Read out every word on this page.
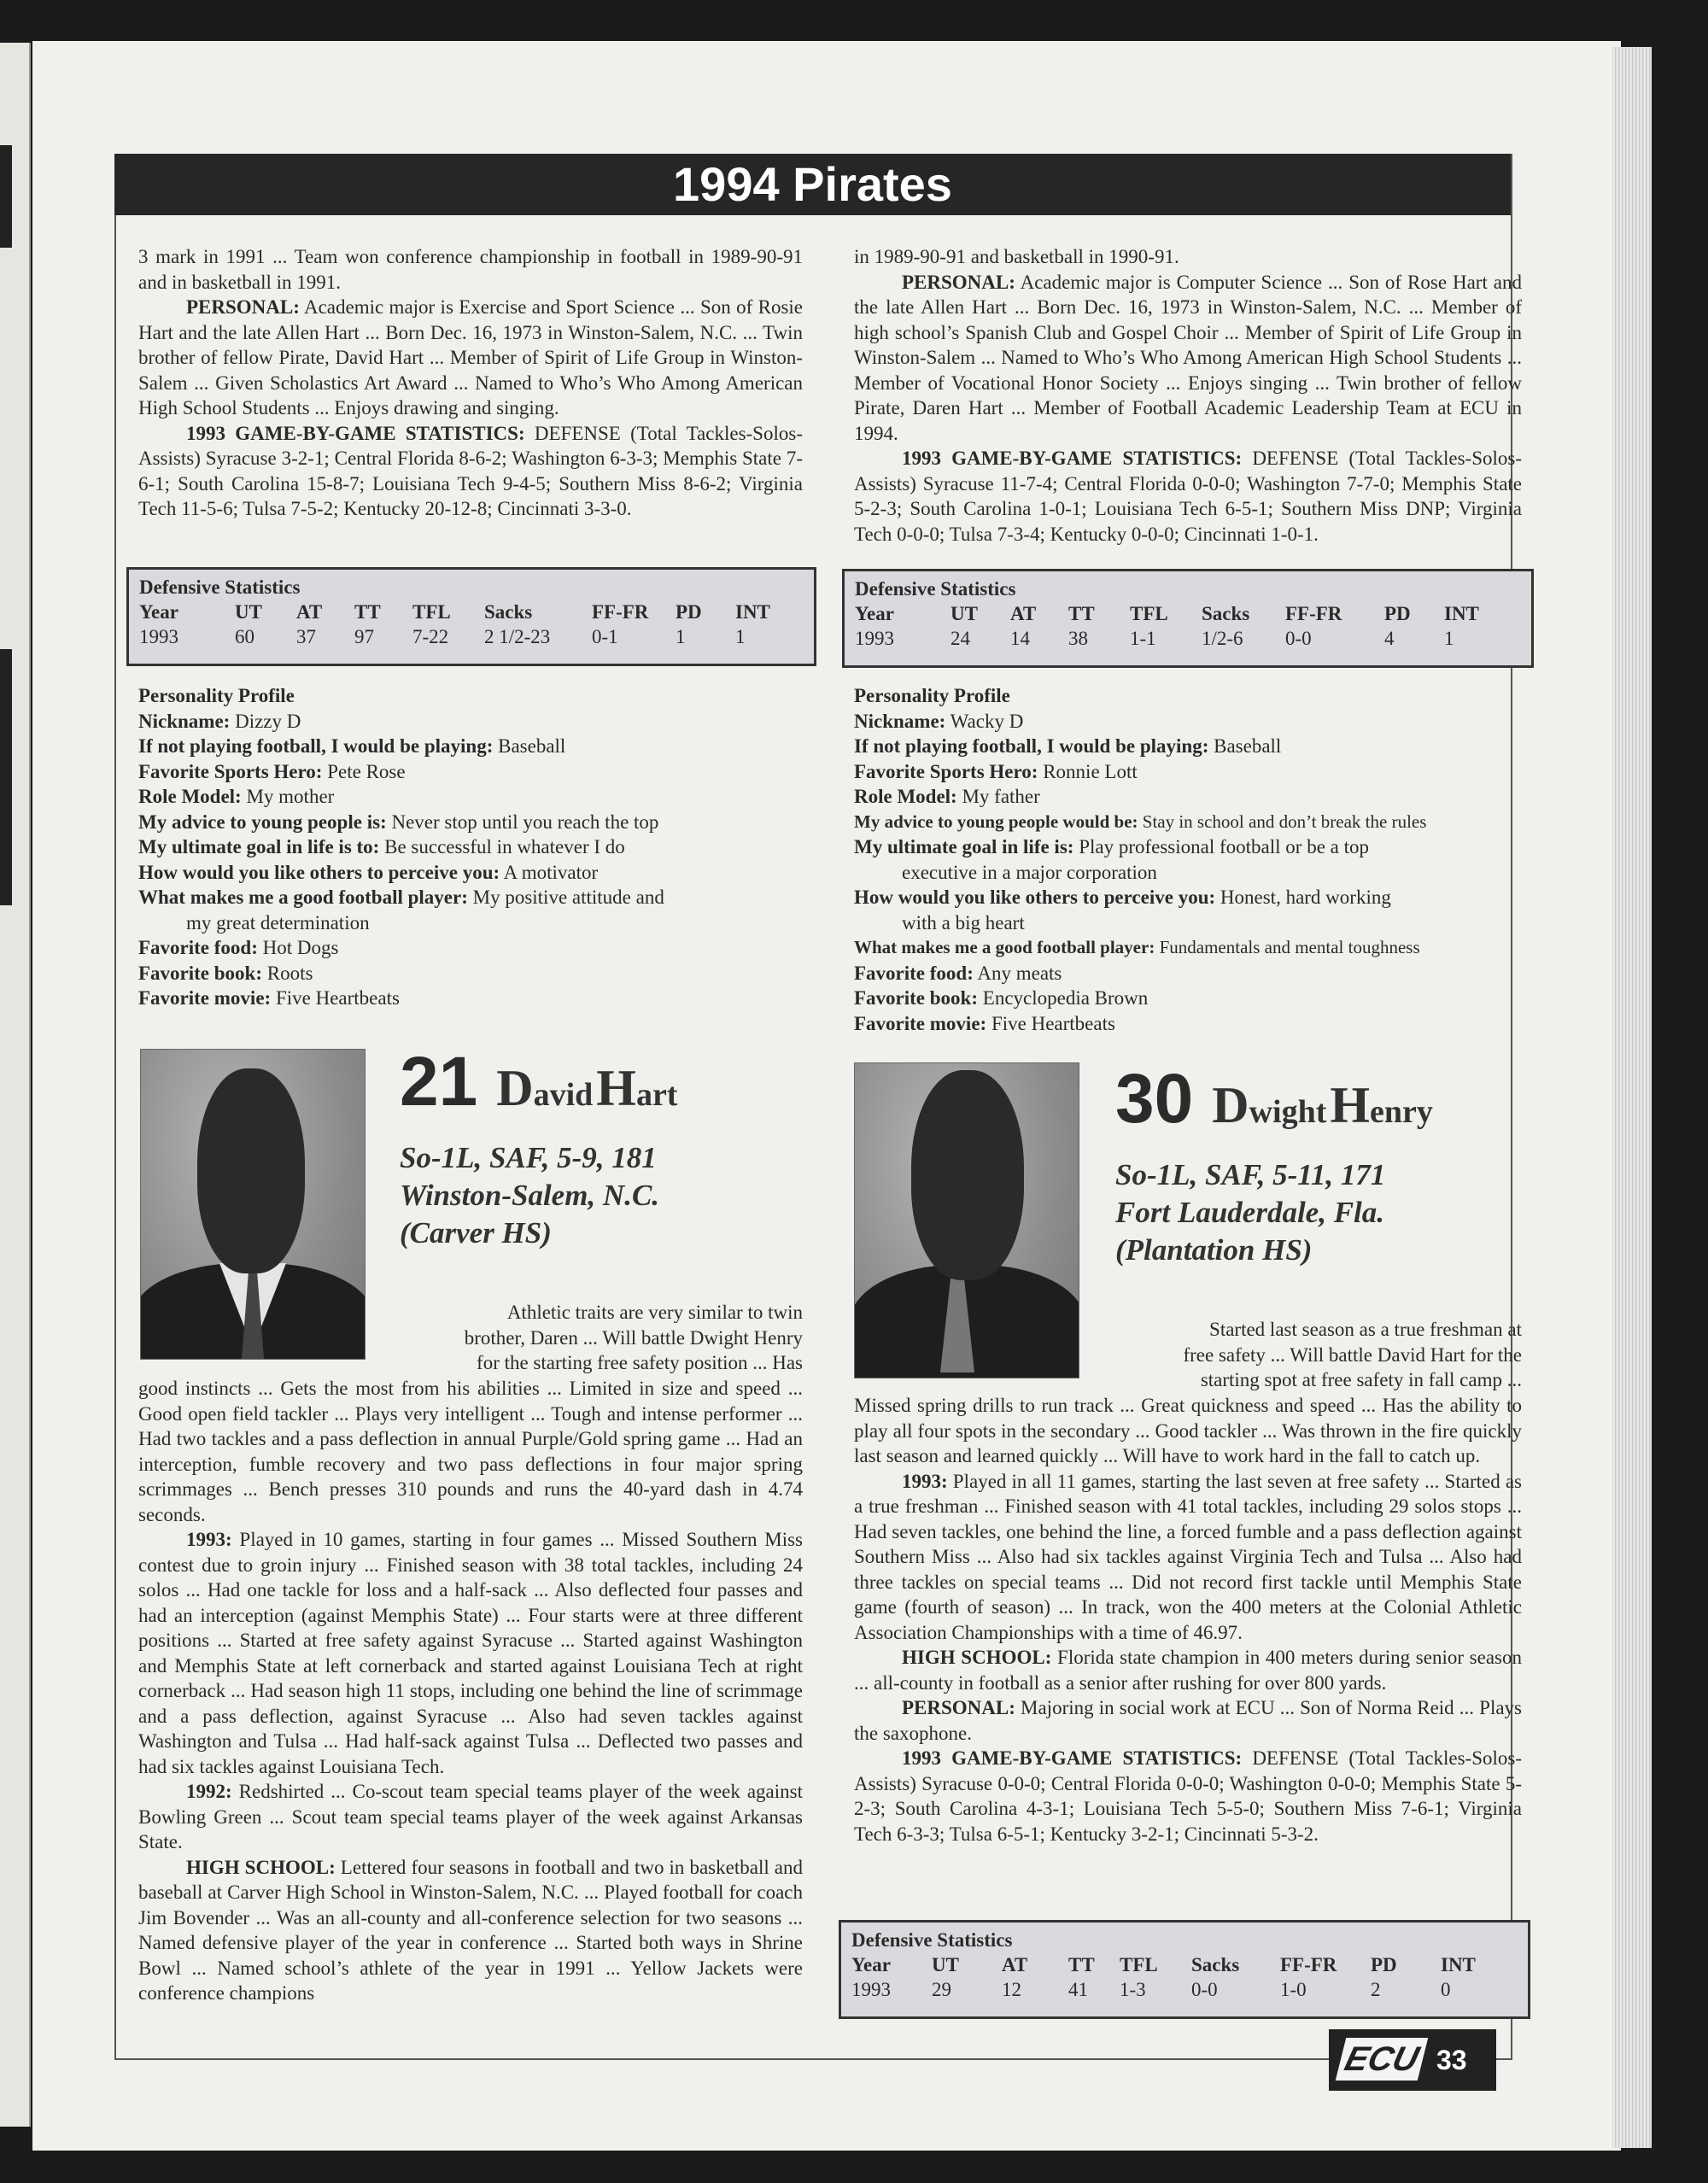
1994 Pirates

3 mark in 1991 ... Team won conference championship in football in 1989-90-91 and in basketball in 1991.

PERSONAL: Academic major is Exercise and Sport Science ... Son of Rosie Hart and the late Allen Hart ... Born Dec. 16, 1973 in Winston-Salem, N.C. ... Twin brother of fellow Pirate, David Hart ... Member of Spirit of Life Group in Winston-Salem ... Given Scholastics Art Award ... Named to Who’s Who Among American High School Students ... Enjoys drawing and singing.

1993 GAME-BY-GAME STATISTICS: DEFENSE (Total Tackles-Solos-Assists) Syracuse 3-2-1; Central Florida 8-6-2; Washington 6-3-3; Memphis State 7-6-1; South Carolina 15-8-7; Louisiana Tech 9-4-5; Southern Miss 8-6-2; Virginia Tech 11-5-6; Tulsa 7-5-2; Kentucky 20-12-8; Cincinnati 3-3-0.

in 1989-90-91 and basketball in 1990-91.

PERSONAL: Academic major is Computer Science ... Son of Rose Hart and the late Allen Hart ... Born Dec. 16, 1973 in Winston-Salem, N.C. ... Member of high school’s Spanish Club and Gospel Choir ... Member of Spirit of Life Group in Winston-Salem ... Named to Who’s Who Among American High School Students ... Member of Vocational Honor Society ... Enjoys singing ... Twin brother of fellow Pirate, Daren Hart ... Member of Football Academic Leadership Team at ECU in 1994.

1993 GAME-BY-GAME STATISTICS: DEFENSE (Total Tackles-Solos-Assists) Syracuse 11-7-4; Central Florida 0-0-0; Washington 7-7-0; Memphis State 5-2-3; South Carolina 1-0-1; Louisiana Tech 6-5-1; Southern Miss DNP; Virginia Tech 0-0-0; Tulsa 7-3-4; Kentucky 0-0-0; Cincinnati 1-0-1.

Defensive Statistics
Year	UT	AT	TT	TFL	Sacks	FF-FR	PD	INT
1993	60	37	97	7-22	2 1/2-23	0-1	1	1
Defensive Statistics
Year	UT	AT	TT	TFL	Sacks	FF-FR	PD	INT
1993	24	14	38	1-1	1/2-6	0-0	4	1
Personality Profile
Nickname: Dizzy D
If not playing football, I would be playing: Baseball
Favorite Sports Hero: Pete Rose
Role Model: My mother
My advice to young people is: Never stop until you reach the top
My ultimate goal in life is to: Be successful in whatever I do
How would you like others to perceive you: A motivator
What makes me a good football player: My positive attitude and
my great determination
Favorite food: Hot Dogs
Favorite book: Roots
Favorite movie: Five Heartbeats
Personality Profile
Nickname: Wacky D
If not playing football, I would be playing: Baseball
Favorite Sports Hero: Ronnie Lott
Role Model: My father
My advice to young people would be: Stay in school and don’t break the rules
My ultimate goal in life is: Play professional football or be a top
executive in a major corporation
How would you like others to perceive you: Honest, hard working
with a big heart
What makes me a good football player: Fundamentals and mental toughness
Favorite food: Any meats
Favorite book: Encyclopedia Brown
Favorite movie: Five Heartbeats
21 David Hart
So-1L, SAF, 5-9, 181
Winston-Salem, N.C.
(Carver HS)
30 Dwight Henry
So-1L, SAF, 5-11, 171
Fort Lauderdale, Fla.
(Plantation HS)

Athletic traits are very similar to twin

brother, Daren ... Will battle Dwight Henry

for the starting free safety position ... Has

good instincts ... Gets the most from his abilities ... Limited in size and speed ... Good open field tackler ... Plays very intelligent ... Tough and intense performer ... Had two tackles and a pass deflection in annual Purple/Gold spring game ... Had an interception, fumble recovery and two pass deflections in four major spring scrimmages ... Bench presses 310 pounds and runs the 40-yard dash in 4.74 seconds.

1993: Played in 10 games, starting in four games ... Missed Southern Miss contest due to groin injury ... Finished season with 38 total tackles, including 24 solos ... Had one tackle for loss and a half-sack ... Also deflected four passes and had an interception (against Memphis State) ... Four starts were at three different positions ... Started at free safety against Syracuse ... Started against Washington and Memphis State at left cornerback and started against Louisiana Tech at right cornerback ... Had season high 11 stops, including one behind the line of scrimmage and a pass deflection, against Syracuse ... Also had seven tackles against Washington and Tulsa ... Had half-sack against Tulsa ... Deflected two passes and had six tackles against Louisiana Tech.

1992: Redshirted ... Co-scout team special teams player of the week against Bowling Green ... Scout team special teams player of the week against Arkansas State.

HIGH SCHOOL: Lettered four seasons in football and two in basketball and baseball at Carver High School in Winston-Salem, N.C. ... Played football for coach Jim Bovender ... Was an all-county and all-conference selection for two seasons ... Named defensive player of the year in conference ... Started both ways in Shrine Bowl ... Named school’s athlete of the year in 1991 ... Yellow Jackets were conference champions

Started last season as a true freshman at

free safety ... Will battle David Hart for the

starting spot at free safety in fall camp ...

Missed spring drills to run track ... Great quickness and speed ... Has the ability to play all four spots in the secondary ... Good tackler ... Was thrown in the fire quickly last season and learned quickly ... Will have to work hard in the fall to catch up.

1993: Played in all 11 games, starting the last seven at free safety ... Started as a true freshman ... Finished season with 41 total tackles, including 29 solos stops ... Had seven tackles, one behind the line, a forced fumble and a pass deflection against Southern Miss ... Also had six tackles against Virginia Tech and Tulsa ... Also had three tackles on special teams ... Did not record first tackle until Memphis State game (fourth of season) ... In track, won the 400 meters at the Colonial Athletic Association Championships with a time of 46.97.

HIGH SCHOOL: Florida state champion in 400 meters during senior season ... all-county in football as a senior after rushing for over 800 yards.

PERSONAL: Majoring in social work at ECU ... Son of Norma Reid ... Plays the saxophone.

1993 GAME-BY-GAME STATISTICS: DEFENSE (Total Tackles-Solos-Assists) Syracuse 0-0-0; Central Florida 0-0-0; Washington 0-0-0; Memphis State 5-2-3; South Carolina 4-3-1; Louisiana Tech 5-5-0; Southern Miss 7-6-1; Virginia Tech 6-3-3; Tulsa 6-5-1; Kentucky 3-2-1; Cincinnati 5-3-2.

Defensive Statistics
Year	UT	AT	TT	TFL	Sacks	FF-FR	PD	INT
1993	29	12	41	1-3	0-0	1-0	2	0
ECU 33
